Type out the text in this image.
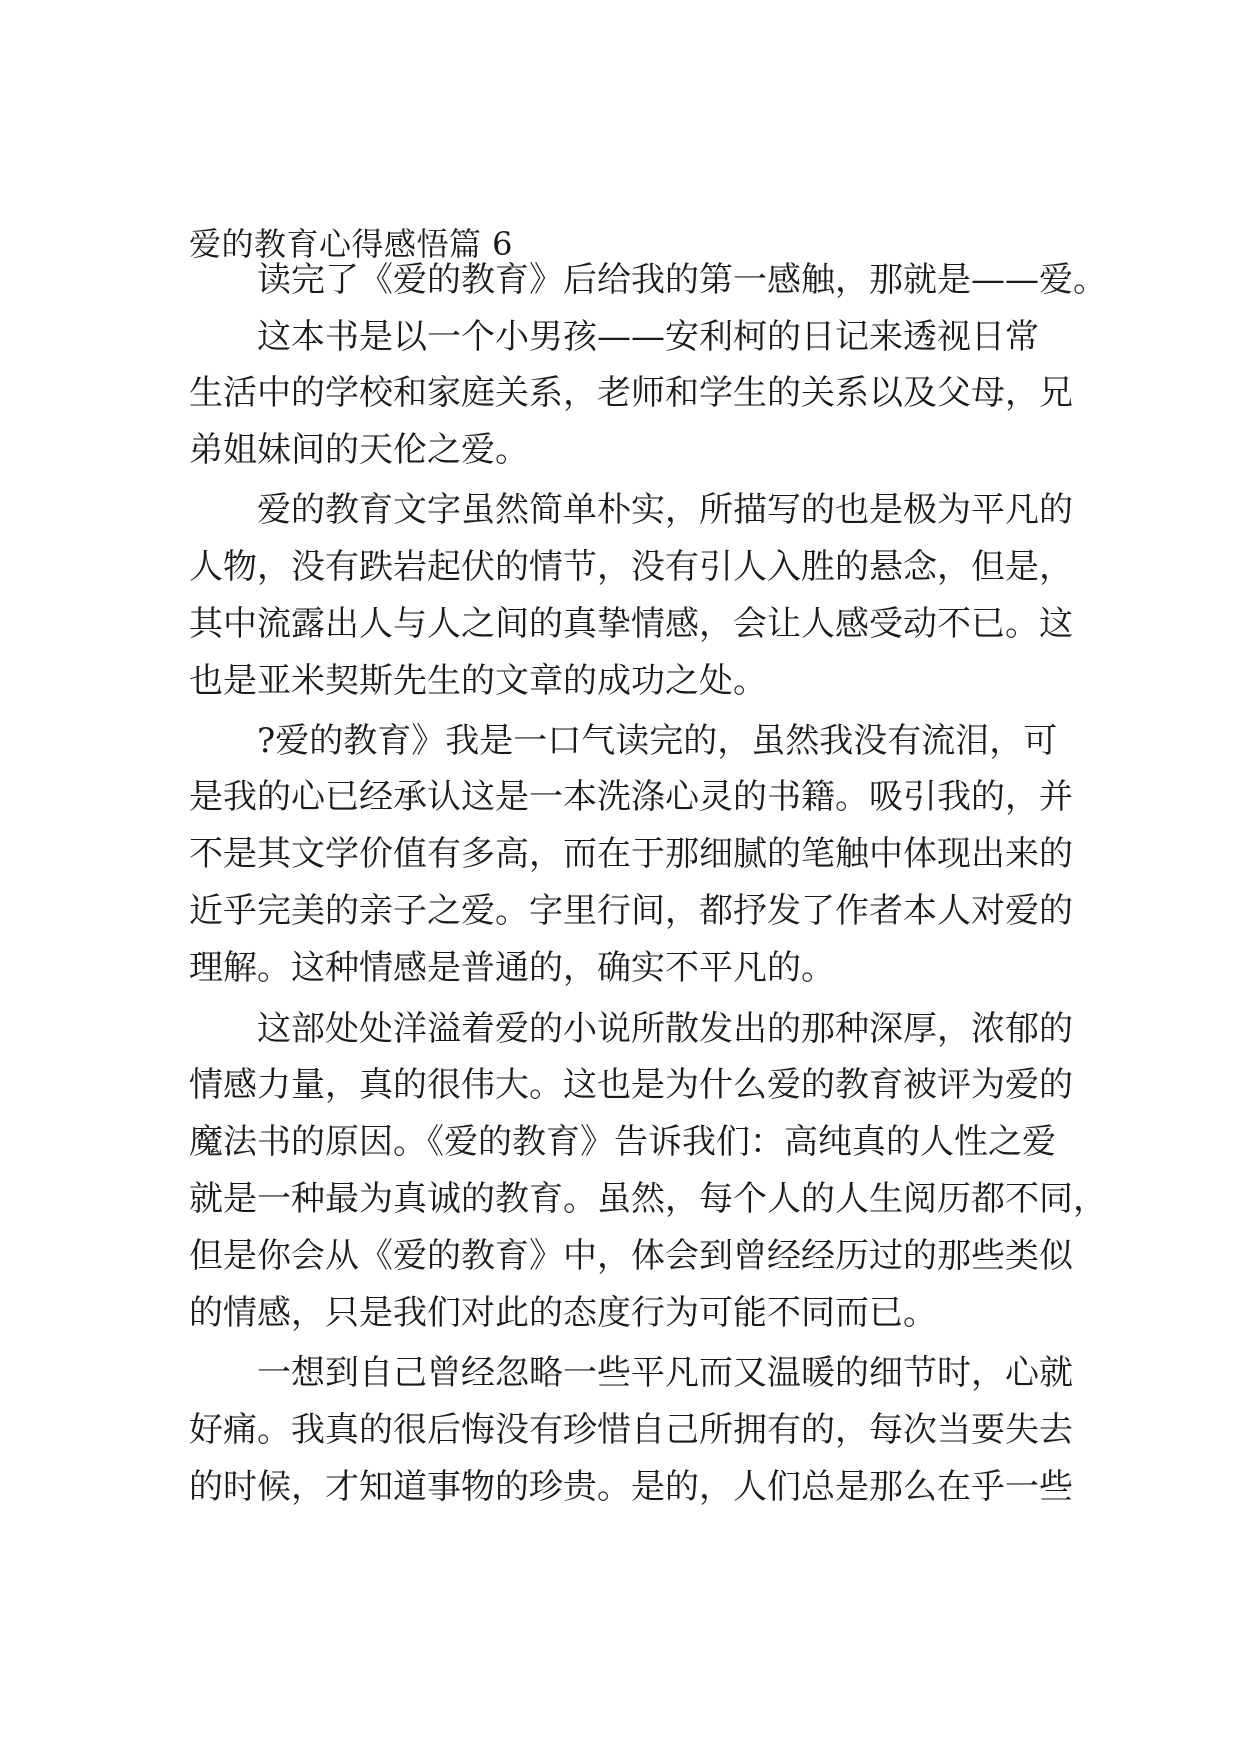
爱的教育心得感悟篇 6
读完了《爱的教育》后给我的第一感触，那就是——爱。
这本书是以一个小男孩——安利柯的日记来透视日常
生活中的学校和家庭关系，老师和学生的关系以及父母，兄
弟姐妹间的天伦之爱。
爱的教育文字虽然简单朴实，所描写的也是极为平凡的
人物，没有跌岩起伏的情节，没有引人入胜的悬念，但是，
其中流露出人与人之间的真挚情感，会让人感受动不已。这
也是亚米契斯先生的文章的成功之处。
?爱的教育》我是一口气读完的，虽然我没有流泪，可
是我的心已经承认这是一本洗涤心灵的书籍。吸引我的，并
不是其文学价值有多高，而在于那细腻的笔触中体现出来的
近乎完美的亲子之爱。字里行间，都抒发了作者本人对爱的
理解。这种情感是普通的，确实不平凡的。
这部处处洋溢着爱的小说所散发出的那种深厚，浓郁的
情感力量，真的很伟大。这也是为什么爱的教育被评为爱的
魔法书的原因。《爱的教育》告诉我们：高纯真的人性之爱
就是一种最为真诚的教育。虽然，每个人的人生阅历都不同，
但是你会从《爱的教育》中，体会到曾经经历过的那些类似
的情感，只是我们对此的态度行为可能不同而已。
一想到自己曾经忽略一些平凡而又温暖的细节时，心就
好痛。我真的很后悔没有珍惜自己所拥有的，每次当要失去
的时候，才知道事物的珍贵。是的，人们总是那么在乎一些
